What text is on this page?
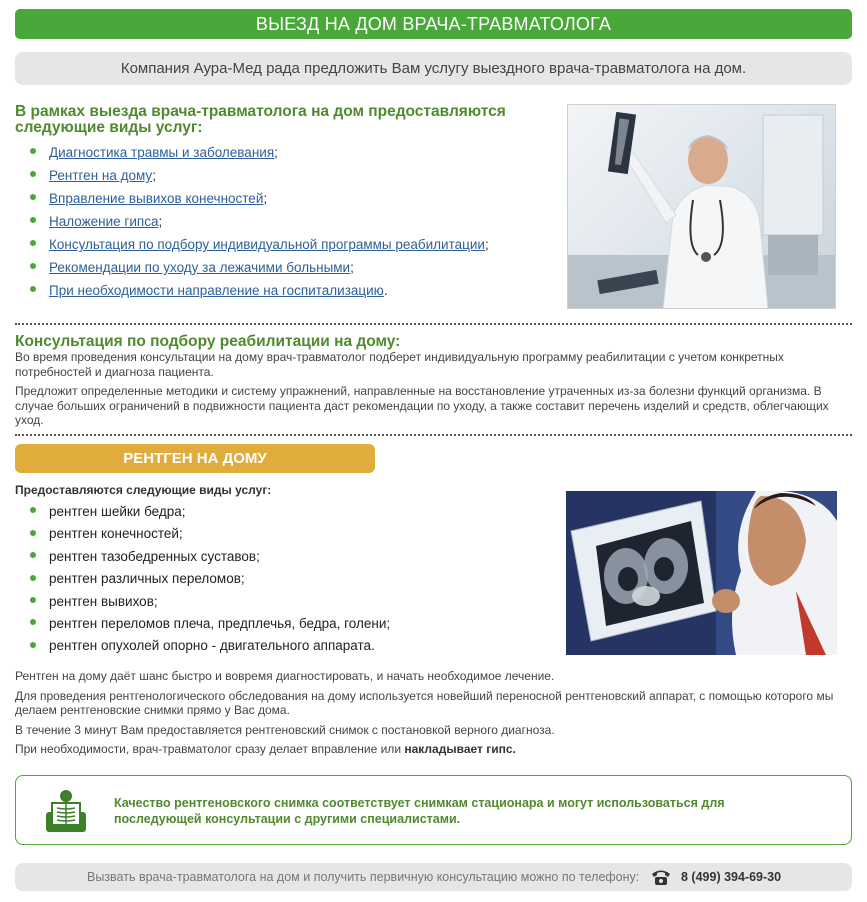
ВЫЕЗД НА ДОМ ВРАЧА-ТРАВМАТОЛОГА
Компания Аура-Мед рада предложить Вам услугу выездного врача-травматолога на дом.
В рамках выезда врача-травматолога на дом предоставляются следующие виды услуг:
Диагностика травмы и заболевания;
Рентген на дому;
Вправление вывихов конечностей;
Наложение гипса;
Консультация по подбору индивидуальной программы реабилитации;
Рекомендации по уходу за лежачими больными;
При необходимости направление на госпитализацию.
Консультация по подбору реабилитации на дому:

Во время проведения консультации на дому врач-травматолог подберет индивидуальную программу реабилитации с учетом конкретных потребностей и диагноза пациента.

Предложит определенные методики и систему упражнений, направленные на восстановление утраченных из-за болезни функций организма. В случае больших ограничений в подвижности пациента даст рекомендации по уходу, а также составит перечень изделий и средств, облегчающих уход.

РЕНТГЕН НА ДОМУ
Предоставляются следующие виды услуг:
рентген шейки бедра;
рентген конечностей;
рентген тазобедренных суставов;
рентген различных переломов;
рентген вывихов;
рентген переломов плеча, предплечья, бедра, голени;
рентген опухолей опорно - двигательного аппарата.

Рентген на дому даёт шанс быстро и вовремя диагностировать, и начать необходимое лечение.

Для проведения рентгенологического обследования на дому используется новейший переносной рентгеновский аппарат, с помощью которого мы делаем рентгеновские снимки прямо у Вас дома.

В течение 3 минут Вам предоставляется рентгеновский снимок с постановкой верного диагноза.

При необходимости, врач-травматолог сразу делает вправление или накладывает гипс.

Качество рентгеновского снимка соответствует снимкам стационара и могут использоваться для последующей консультации с другими специалистами.
Вызвать врача-травматолога на дом и получить первичную консультацию можно по телефону:	8 (499) 394-69-30
